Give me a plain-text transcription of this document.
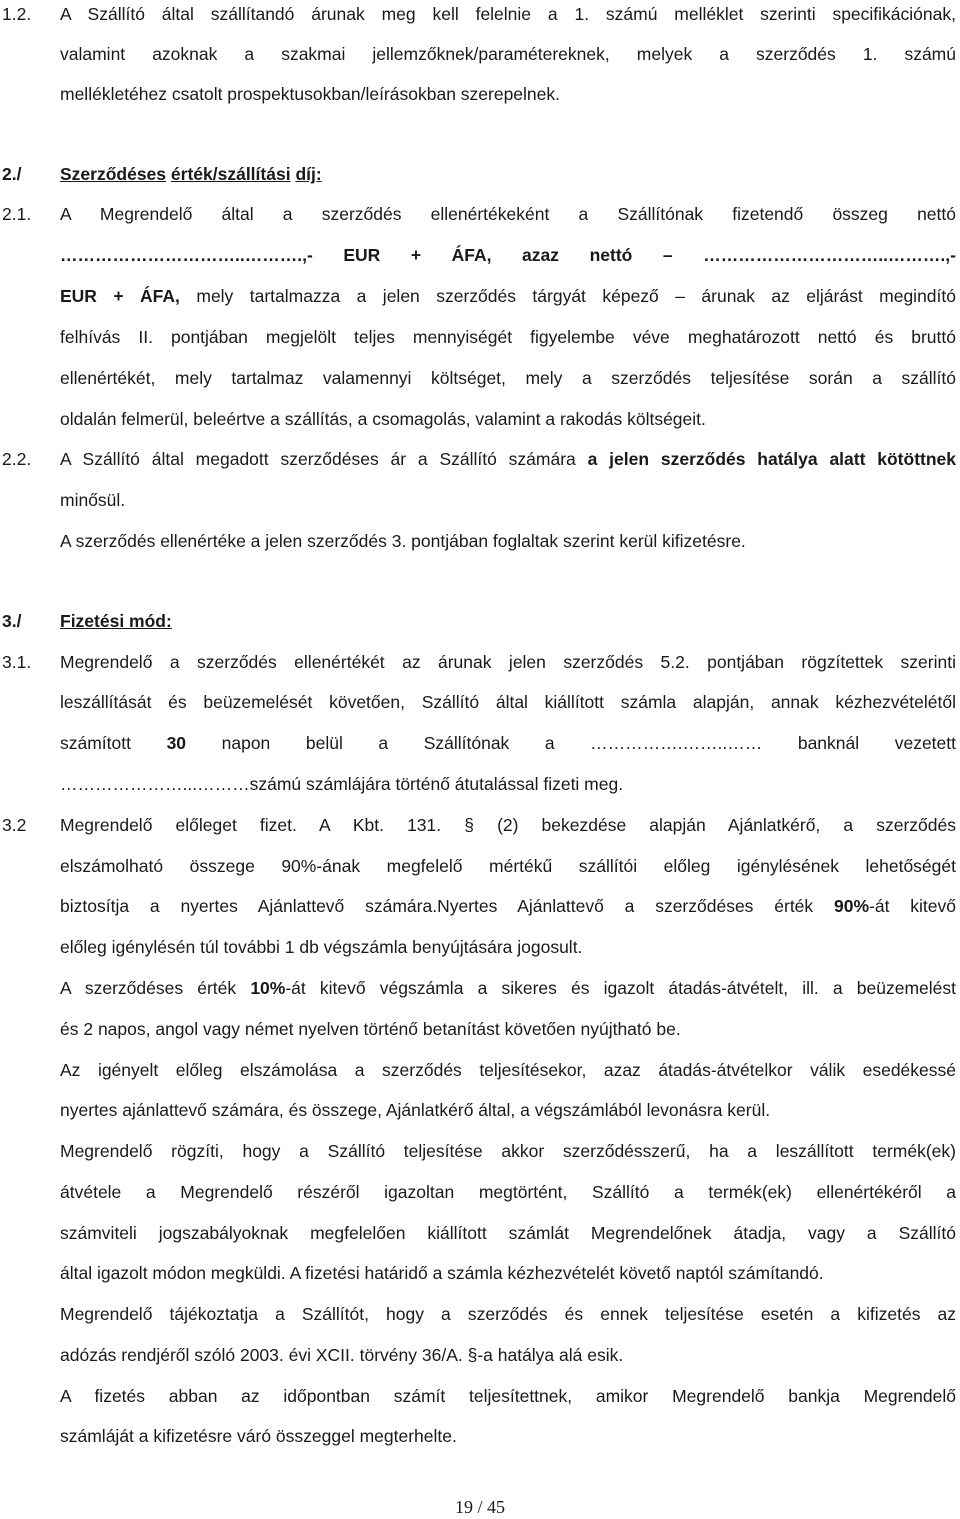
1.2. A Szállító által szállítandó árunak meg kell felelnie a 1. számú melléklet szerinti specifikációnak,

valamint azoknak a szakmai jellemzőknek/paramétereknek, melyek a szerződés 1. számú

mellékletéhez csatolt prospektusokban/leírásokban szerepelnek.

2./ Szerződéses érték/szállítási díj:

2.1. A Megrendelő által a szerződés ellenértékeként a Szállítónak fizetendő összeg nettó

…………………………..……….,- EUR + ÁFA, azaz nettó – …………………………..……….,-

EUR + ÁFA, mely tartalmazza a jelen szerződés tárgyát képező – árunak az eljárást megindító

felhívás II. pontjában megjelölt teljes mennyiségét figyelembe véve meghatározott nettó és bruttó

ellenértékét, mely tartalmaz valamennyi költséget, mely a szerződés teljesítése során a szállító

oldalán felmerül, beleértve a szállítás, a csomagolás, valamint a rakodás költségeit.

2.2. A Szállító által megadott szerződéses ár a Szállító számára a jelen szerződés hatálya alatt kötöttnek

minősül.

A szerződés ellenértéke a jelen szerződés 3. pontjában foglaltak szerint kerül kifizetésre.

3./ Fizetési mód:

3.1. Megrendelő a szerződés ellenértékét az árunak jelen szerződés 5.2. pontjában rögzítettek szerinti

leszállítását és beüzemelését követően, Szállító által kiállított számla alapján, annak kézhezvételétől

számított 30 napon belül a Szállítónak a …………….……..…… banknál vezetett

…………………...………számú számlájára történő átutalással fizeti meg.

3.2 Megrendelő előleget fizet. A Kbt. 131. § (2) bekezdése alapján Ajánlatkérő, a szerződés

elszámolható összege 90%-ának megfelelő mértékű szállítói előleg igénylésének lehetőségét

biztosítja a nyertes Ajánlattevő számára.Nyertes Ajánlattevő a szerződéses érték 90%-át kitevő

előleg igénylésén túl további 1 db végszámla benyújtására jogosult.

A szerződéses érték 10%-át kitevő végszámla a sikeres és igazolt átadás-átvételt, ill. a beüzemelést

és 2 napos, angol vagy német nyelven történő betanítást követően nyújtható be.

Az igényelt előleg elszámolása a szerződés teljesítésekor, azaz átadás-átvételkor válik esedékessé

nyertes ajánlattevő számára, és összege, Ajánlatkérő által, a végszámlából levonásra kerül.

Megrendelő rögzíti, hogy a Szállító teljesítése akkor szerződésszerű, ha a leszállított termék(ek)

átvétele a Megrendelő részéről igazoltan megtörtént, Szállító a termék(ek) ellenértékéről a

számviteli jogszabályoknak megfelelően kiállított számlát Megrendelőnek átadja, vagy a Szállító

által igazolt módon megküldi. A fizetési határidő a számla kézhezvételét követő naptól számítandó.

Megrendelő tájékoztatja a Szállítót, hogy a szerződés és ennek teljesítése esetén a kifizetés az

adózás rendjéről szóló 2003. évi XCII. törvény 36/A. §-a hatálya alá esik.

A fizetés abban az időpontban számít teljesítettnek, amikor Megrendelő bankja Megrendelő

számláját a kifizetésre váró összeggel megterhelte.

19 / 45
